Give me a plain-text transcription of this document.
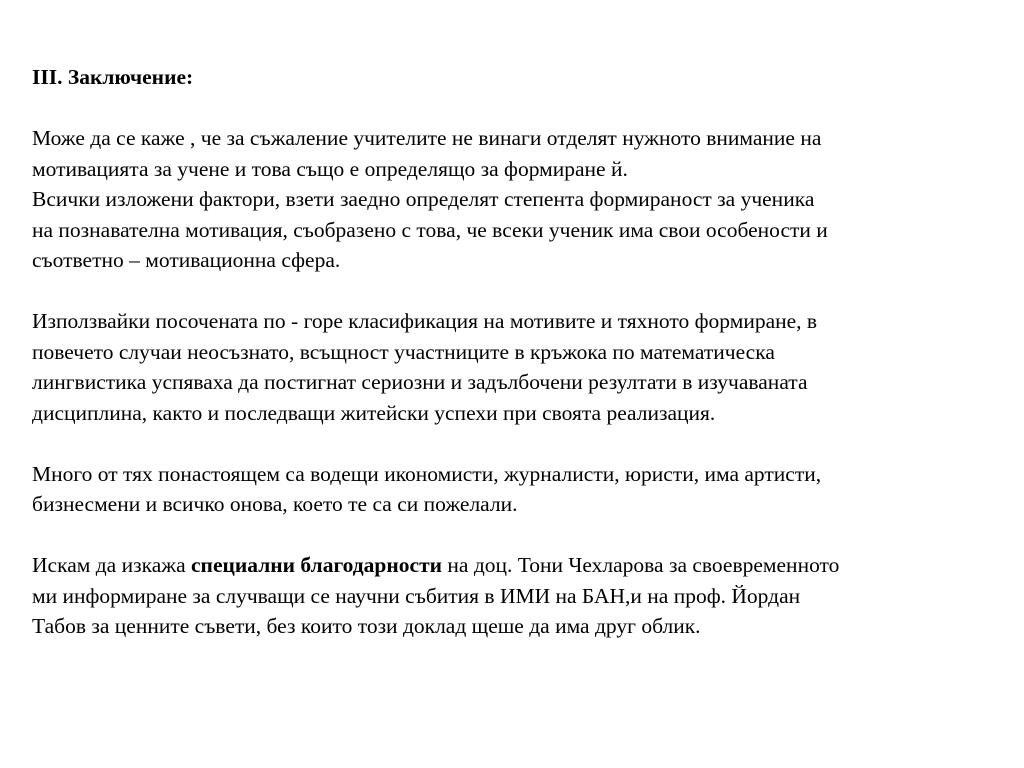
III. Заключение:
Може да се каже , че за съжаление учителите не винаги отделят нужното внимание на
мотивацията за учене и това също е определящо за формиране й.
Всички изложени фактори, взети заедно определят степента формираност за ученика
на познавателна мотивация, съобразено с това, че всеки ученик има свои особености и
съответно – мотивационна сфера.
Използвайки посочената по - горе класификация на мотивите и тяхното формиране, в
повечето случаи неосъзнато, всъщност участниците в кръжока по математическа
лингвистика успяваха да постигнат сериозни и задълбочени резултати в изучаваната
дисциплина, както и последващи житейски успехи при своята реализация.
Много от тях понастоящем са водещи икономисти, журналисти, юристи, има артисти,
бизнесмени и всичко онова, което те са си пожелали.
Искам да изкажа специални благодарности на доц. Тони Чехларова за своевременното
ми информиране за случващи се научни събития в ИМИ на БАН,и на проф. Йордан
Табов за ценните съвети, без които този доклад щеше да има друг облик.
